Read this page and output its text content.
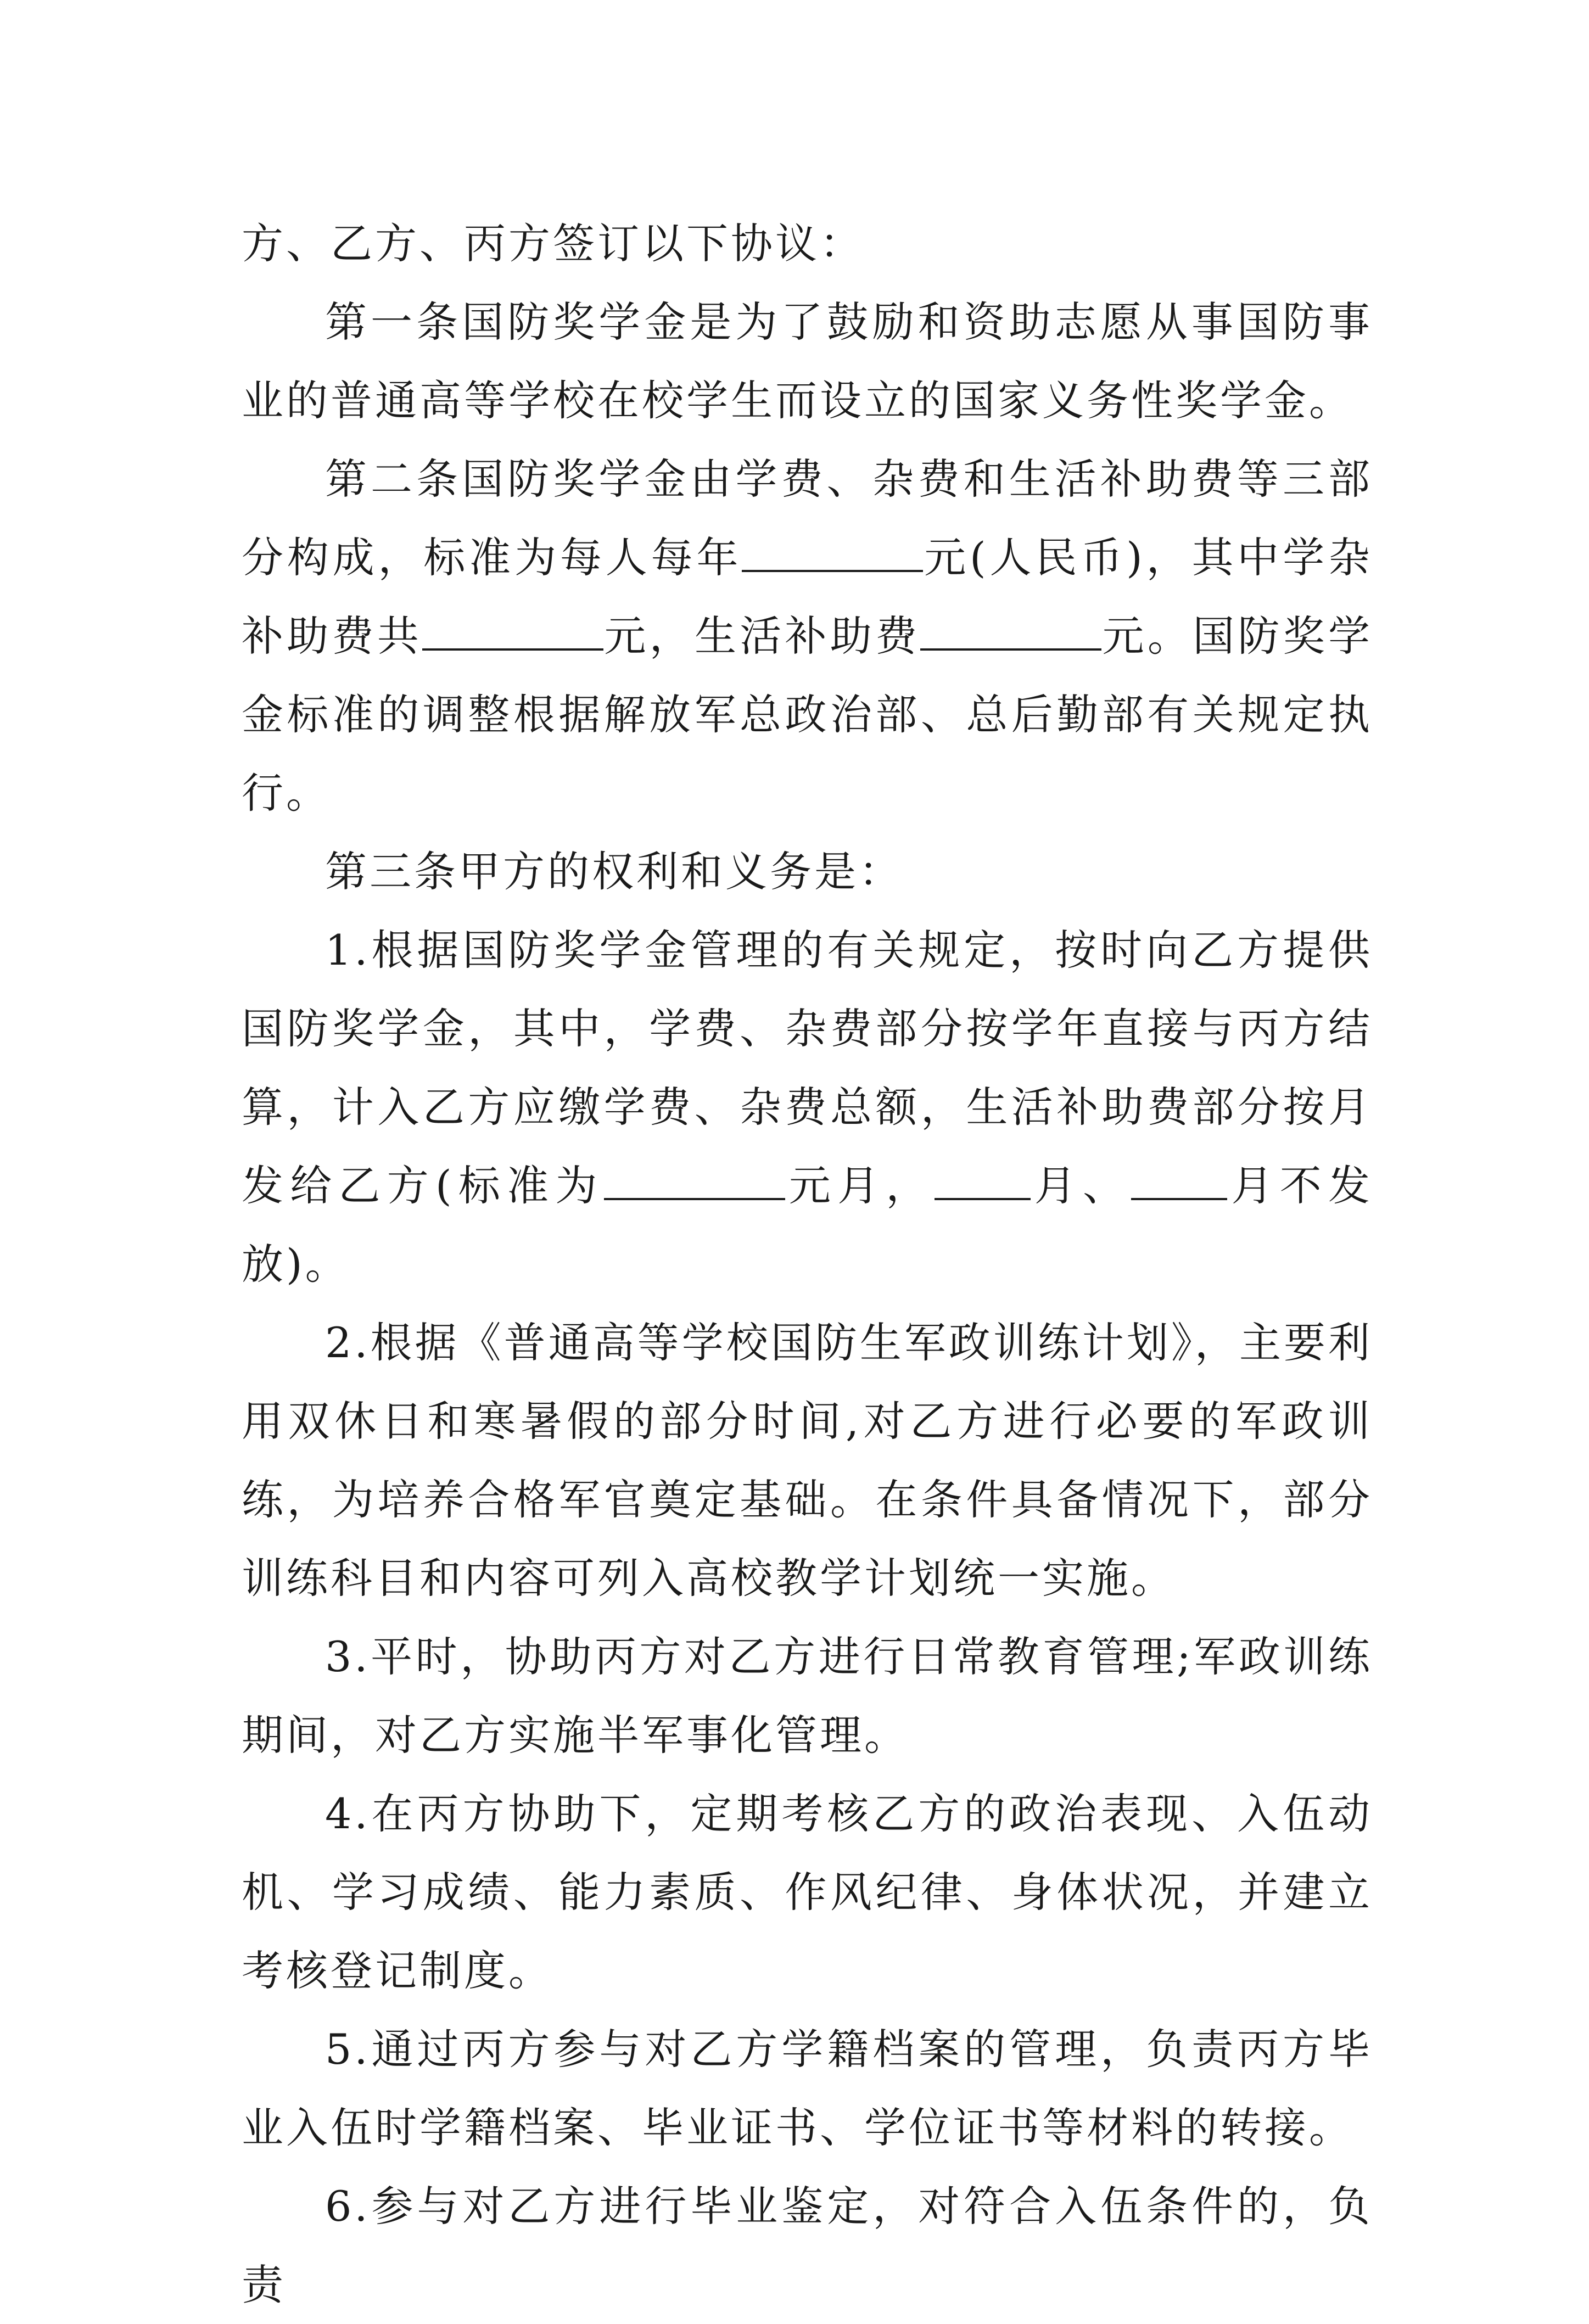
方、乙方、丙方签订以下协议：

第一条国防奖学金是为了鼓励和资助志愿从事国防事业的普通高等学校在校学生而设立的国家义务性奖学金。

第二条国防奖学金由学费、杂费和生活补助费等三部分构成，标准为每人每年	元(人民币)，其中学杂补助费共	元，生活补助费	元。国防奖学金标准的调整根据解放军总政治部、总后勤部有关规定执行。

第三条甲方的权利和义务是：

1.根据国防奖学金管理的有关规定，按时向乙方提供国防奖学金，其中，学费、杂费部分按学年直接与丙方结算，计入乙方应缴学费、杂费总额，生活补助费部分按月发给乙方(标准为	元月， 月、 月不发放)。

2.根据《普通高等学校国防生军政训练计划》，主要利用双休日和寒暑假的部分时间,对乙方进行必要的军政训练，为培养合格军官奠定基础。在条件具备情况下，部分训练科目和内容可列入高校教学计划统一实施。

3.平时，协助丙方对乙方进行日常教育管理;军政训练期间，对乙方实施半军事化管理。

4.在丙方协助下，定期考核乙方的政治表现、入伍动机、学习成绩、能力素质、作风纪律、身体状况，并建立考核登记制度。

5.通过丙方参与对乙方学籍档案的管理，负责丙方毕业入伍时学籍档案、毕业证书、学位证书等材料的转接。

6.参与对乙方进行毕业鉴定，对符合入伍条件的，负责
